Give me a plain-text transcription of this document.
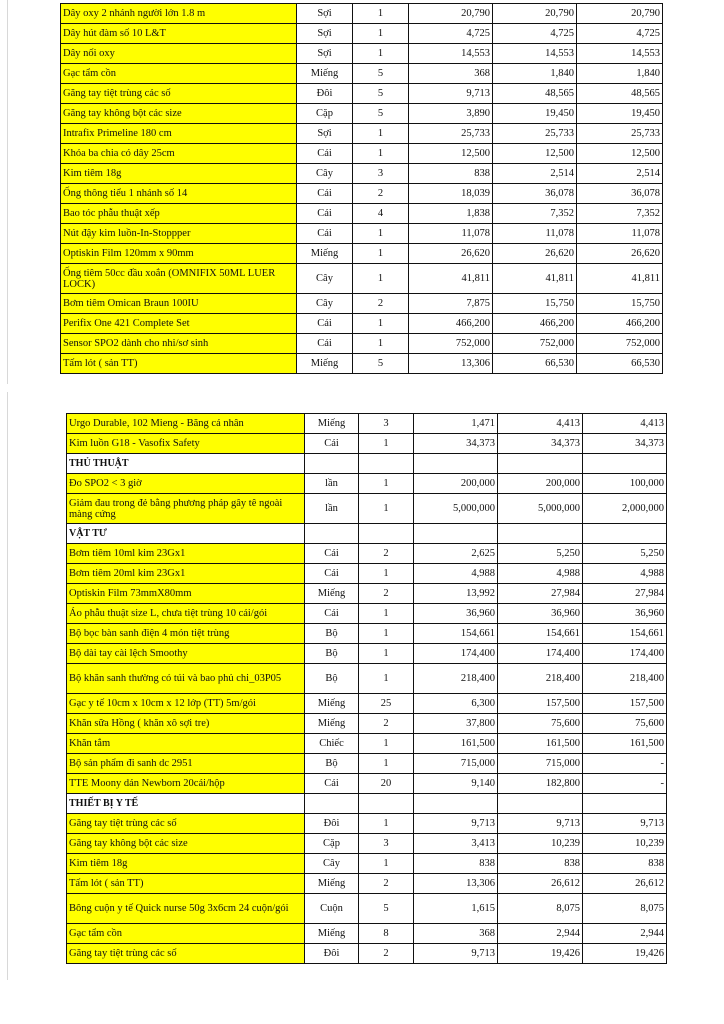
Dây oxy 2 nhánh người lớn 1.8 m	Sợi	1	20,790	20,790	20,790
Dây hút đàm số 10 L&T	Sợi	1	4,725	4,725	4,725
Dây nối oxy	Sợi	1	14,553	14,553	14,553
Gạc tẩm cồn	Miếng	5	368	1,840	1,840
Găng tay tiệt trùng các số	Đôi	5	9,713	48,565	48,565
Găng tay không bột các size	Cặp	5	3,890	19,450	19,450
Intrafix Primeline 180 cm	Sợi	1	25,733	25,733	25,733
Khóa ba chia có dây 25cm	Cái	1	12,500	12,500	12,500
Kim tiêm 18g	Cây	3	838	2,514	2,514
Ống thông tiểu 1 nhánh số 14	Cái	2	18,039	36,078	36,078
Bao tóc phẫu thuật xếp	Cái	4	1,838	7,352	7,352
Nút đậy kim luồn-In-Stoppper	Cái	1	11,078	11,078	11,078
Optiskin Film 120mm x 90mm	Miếng	1	26,620	26,620	26,620
Ống tiêm 50cc đầu xoắn (OMNIFIX 50ML LUER LOCK)	Cây	1	41,811	41,811	41,811
Bơm tiêm Omican Braun 100IU	Cây	2	7,875	15,750	15,750
Perifix One 421 Complete Set	Cái	1	466,200	466,200	466,200
Sensor SPO2 dành cho nhi/sơ sinh	Cái	1	752,000	752,000	752,000
Tấm lót ( sản TT)	Miếng	5	13,306	66,530	66,530
Urgo Durable, 102 Mieng - Băng cá nhân	Miếng	3	1,471	4,413	4,413
Kim luồn G18 - Vasofix Safety	Cái	1	34,373	34,373	34,373
THỦ THUẬT					
Đo SPO2 < 3 giờ	lần	1	200,000	200,000	100,000
Giảm đau trong đẻ bằng phương pháp gây tê ngoài màng cứng	lần	1	5,000,000	5,000,000	2,000,000
VẬT TƯ					
Bơm tiêm 10ml kim 23Gx1	Cái	2	2,625	5,250	5,250
Bơm tiêm 20ml kim 23Gx1	Cái	1	4,988	4,988	4,988
Optiskin Film 73mmX80mm	Miếng	2	13,992	27,984	27,984
Áo phẫu thuật size L, chưa tiệt trùng 10 cái/gói	Cái	1	36,960	36,960	36,960
Bộ bọc bàn sanh điện 4 món tiệt trùng	Bộ	1	154,661	154,661	154,661
Bộ dài tay cài lệch Smoothy	Bộ	1	174,400	174,400	174,400
Bộ khăn sanh thường có túi và bao phủ chi_03P05	Bộ	1	218,400	218,400	218,400
Gạc y tế 10cm x 10cm x 12 lớp (TT) 5m/gói	Miếng	25	6,300	157,500	157,500
Khăn sữa Hồng ( khăn xô sợi tre)	Miếng	2	37,800	75,600	75,600
Khăn tắm	Chiếc	1	161,500	161,500	161,500
Bộ sản phẩm đi sanh dc 2951	Bộ	1	715,000	715,000	-
TTE Moony dán Newborn 20cái/hộp	Cái	20	9,140	182,800	-
THIẾT BỊ Y TẾ					
Găng tay tiệt trùng các số	Đôi	1	9,713	9,713	9,713
Găng tay không bột các size	Cặp	3	3,413	10,239	10,239
Kim tiêm 18g	Cây	1	838	838	838
Tấm lót ( sản TT)	Miếng	2	13,306	26,612	26,612
Bông cuộn y tế Quick nurse 50g 3x6cm 24 cuộn/gói	Cuộn	5	1,615	8,075	8,075
Gạc tẩm cồn	Miếng	8	368	2,944	2,944
Găng tay tiệt trùng các số	Đôi	2	9,713	19,426	19,426
